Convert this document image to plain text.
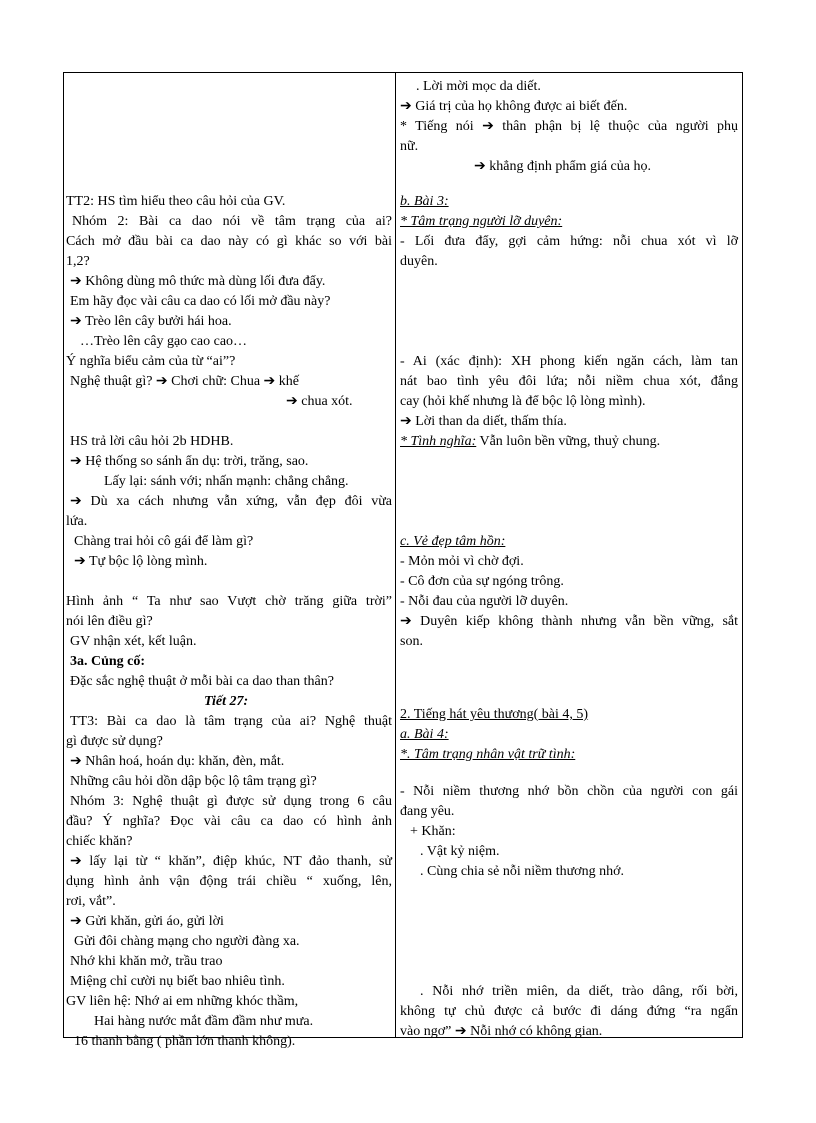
TT2: HS tìm hiểu theo câu hỏi của GV.
Nhóm 2: Bài ca dao nói về tâm trạng của ai?
Cách mở đầu bài ca dao này có gì khác so với bài
1,2?
➔ Không dùng mô thức mà dùng lối đưa đẩy.
Em hãy đọc vài câu ca dao có lối mở đầu này?
➔ Trèo lên cây bưởi hái hoa.
…Trèo lên cây gạo cao cao…
Ý nghĩa biểu cảm của từ “ai”?
Nghệ thuật gì? ➔ Chơi chữ: Chua ➔ khế
➔ chua xót.
HS trả lời câu hỏi 2b HDHB.
➔ Hệ thống so sánh ẩn dụ: trời, trăng, sao.
Lấy lại: sánh với; nhấn mạnh: chẳng chẳng.
➔ Dù xa cách nhưng vẫn xứng, vẫn đẹp đôi vừa
lứa.
Chàng trai hỏi cô gái để làm gì?
➔ Tự bộc lộ lòng mình.
Hình ảnh “ Ta như sao Vượt chờ trăng giữa trời”
nói lên điều gì?
GV nhận xét, kết luận.
3a. Củng cố:
Đặc sắc nghệ thuật ở mỗi bài ca dao than thân?
Tiết 27:
TT3: Bài ca dao là tâm trạng của ai? Nghệ thuật
gì được sử dụng?
➔ Nhân hoá, hoán dụ: khăn, đèn, mắt.
Những câu hỏi dồn dập bộc lộ tâm trạng gì?
Nhóm 3: Nghệ thuật gì được sử dụng trong 6 câu
đầu? Ý nghĩa? Đọc vài câu ca dao có hình ảnh
chiếc khăn?
➔ lấy lại từ “ khăn”, điệp khúc, NT đảo thanh, sử
dụng hình ảnh vận động trái chiều “ xuống, lên,
rơi, vắt”.
➔ Gửi khăn, gửi áo, gửi lời
Gửi đôi chàng mạng cho người đàng xa.
Nhớ khi khăn mở, trầu trao
Miệng chỉ cười nụ biết bao nhiêu tình.
GV liên hệ: Nhớ ai em những khóc thầm,
Hai hàng nước mắt đầm đầm như mưa.
16 thanh bằng ( phần lớn thanh không).

. Lời mời mọc da diết.
➔ Giá trị của họ không được ai biết đến.
* Tiếng nói ➔ thân phận bị lệ thuộc của người phụ
nữ.
➔ khẳng định phẩm giá của họ.
b. Bài 3:
* Tâm trạng người lỡ duyên:
- Lối đưa đẩy, gợi cảm hứng: nỗi chua xót vì lỡ
duyên.
- Ai (xác định): XH phong kiến ngăn cách, làm tan
nát bao tình yêu đôi lứa; nỗi niềm chua xót, đắng
cay (hỏi khế nhưng là để bộc lộ lòng mình).
➔ Lời than da diết, thấm thía.
* Tình nghĩa: Vẫn luôn bền vững, thuỷ chung.
c. Vẻ đẹp tâm hồn:
- Mỏn mỏi vì chờ đợi.
- Cô đơn của sự ngóng trông.
- Nỗi đau của người lỡ duyên.
➔ Duyên kiếp không thành nhưng vẫn bền vững, sắt
son.
2. Tiếng hát yêu thương( bài 4, 5)
a. Bài 4:
*. Tâm trạng nhân vật trữ tình:
- Nỗi niềm thương nhớ bồn chồn của người con gái
đang yêu.
+ Khăn:
. Vật kỷ niệm.
. Cùng chia sẻ nỗi niềm thương nhớ.
. Nỗi nhớ triền miên, da diết, trào dâng, rối bời,
không tự chủ được cả bước đi dáng đứng “ra ngẩn
vào ngơ” ➔ Nỗi nhớ có không gian.
